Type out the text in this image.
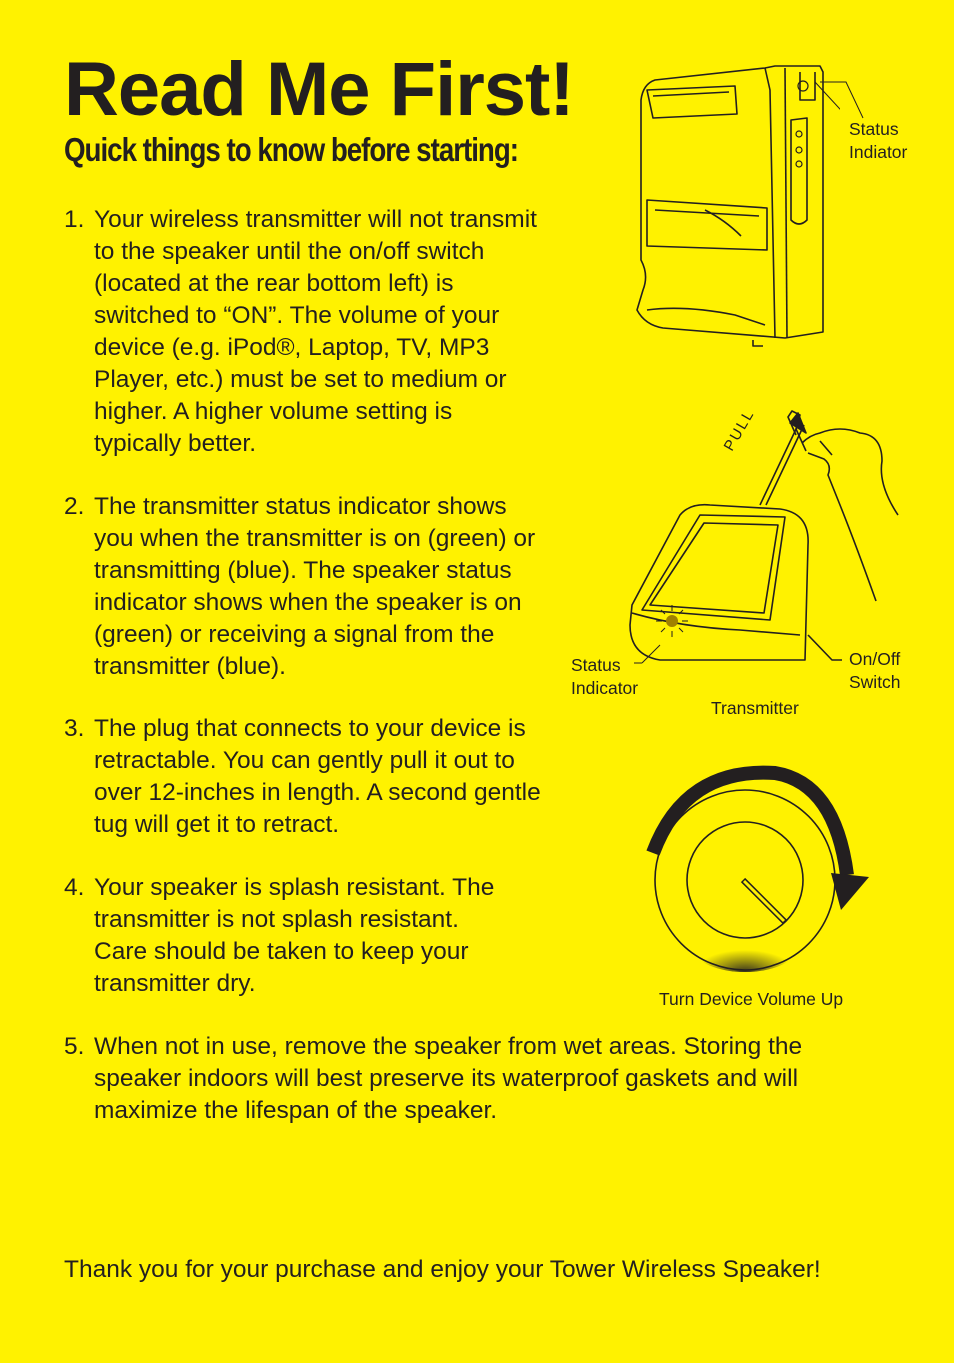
Read Me First!
Quick things to know before starting:
1. Your wireless transmitter will not transmit
to the speaker until the on/off switch
(located at the rear bottom left) is
switched to “ON”. The volume of your
device (e.g. iPod®, Laptop, TV, MP3
Player, etc.) must be set to medium or
higher. A higher volume setting is
typically better.
2. The transmitter status indicator shows
you when the transmitter is on (green) or
transmitting (blue). The speaker status
indicator shows when the speaker is on
(green) or receiving a signal from the
transmitter (blue).
3. The plug that connects to your device is
retractable. You can gently pull it out to
over 12-inches in length. A second gentle
tug will get it to retract.
4. Your speaker is splash resistant. The
transmitter is not splash resistant.
Care should be taken to keep your
transmitter dry.
5. When not in use, remove the speaker from wet areas. Storing the
speaker indoors will best preserve its waterproof gaskets and will
maximize the lifespan of the speaker.
Status
Indiator
PULL
Status
Indicator
On/Off
Switch
Transmitter
Turn Device Volume Up
Thank you for your purchase and enjoy your Tower Wireless Speaker!
